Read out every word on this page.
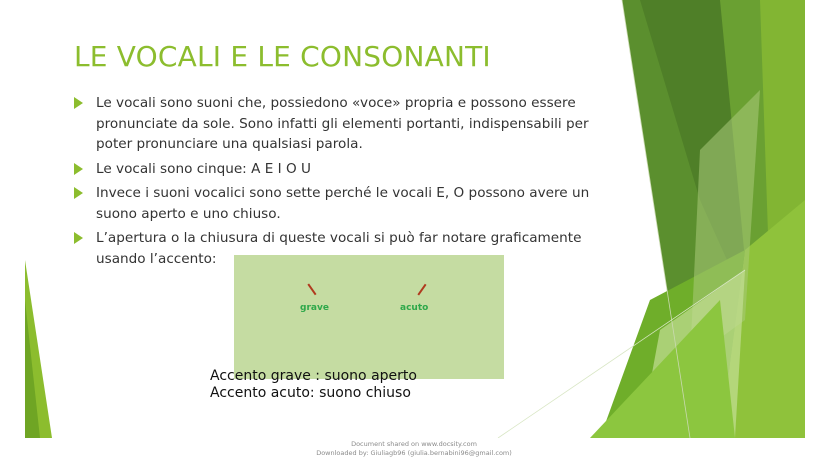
LE VOCALI E LE CONSONANTI
Le vocali sono suoni che, possiedono «voce» propria e possono essere pronunciate da sole. Sono infatti gli elementi portanti, indispensabili per poter pronunciare una qualsiasi parola.
Le vocali sono cinque: A E I O U
Invece i suoni vocalici sono sette perché le vocali E, O possono avere un suono aperto e uno chiuso.
L’apertura o la chiusura di queste vocali si può far notare graficamente usando l’accento:
grave	acuto
Accento grave : suono aperto
Accento acuto: suono chiuso
Document shared on www.docsity.com
Downloaded by: Giuliagb96 (giulia.bernabini96@gmail.com)
